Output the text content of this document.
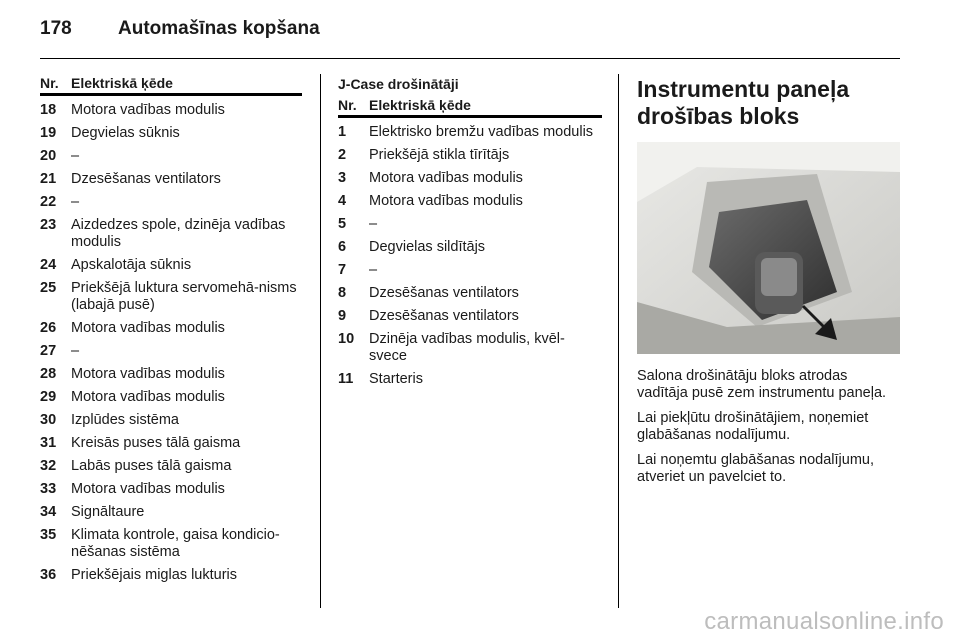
178	Automašīnas kopšana
Nr. Elektriskā ķēde
18	Motora vadības modulis
19	Degvielas sūknis
20	–
21	Dzesēšanas ventilators
22	–
23	Aizdedzes spole, dzinēja vadības modulis
24	Apskalotāja sūknis
25	Priekšējā luktura servomehā-nisms (labajā pusē)
26	Motora vadības modulis
27	–
28	Motora vadības modulis
29	Motora vadības modulis
30	Izplūdes sistēma
31	Kreisās puses tālā gaisma
32	Labās puses tālā gaisma
33	Motora vadības modulis
34	Signāltaure
35	Klimata kontrole, gaisa kondicio-nēšanas sistēma
36	Priekšējais miglas lukturis
J-Case drošinātāji
Nr. Elektriskā ķēde
1	Elektrisko bremžu vadības modulis
2	Priekšējā stikla tīrītājs
3	Motora vadības modulis
4	Motora vadības modulis
5	–
6	Degvielas sildītājs
7	–
8	Dzesēšanas ventilators
9	Dzesēšanas ventilators
10	Dzinēja vadības modulis, kvēl-svece
11	Starteris
Instrumentu paneļa
drošības bloks

Salona drošinātāju bloks atrodas vadītāja pusē zem instrumentu paneļa.

Lai piekļūtu drošinātājiem, noņemiet glabāšanas nodalījumu.

Lai noņemtu glabāšanas nodalījumu, atveriet un pavelciet to.

carmanualsonline.info
